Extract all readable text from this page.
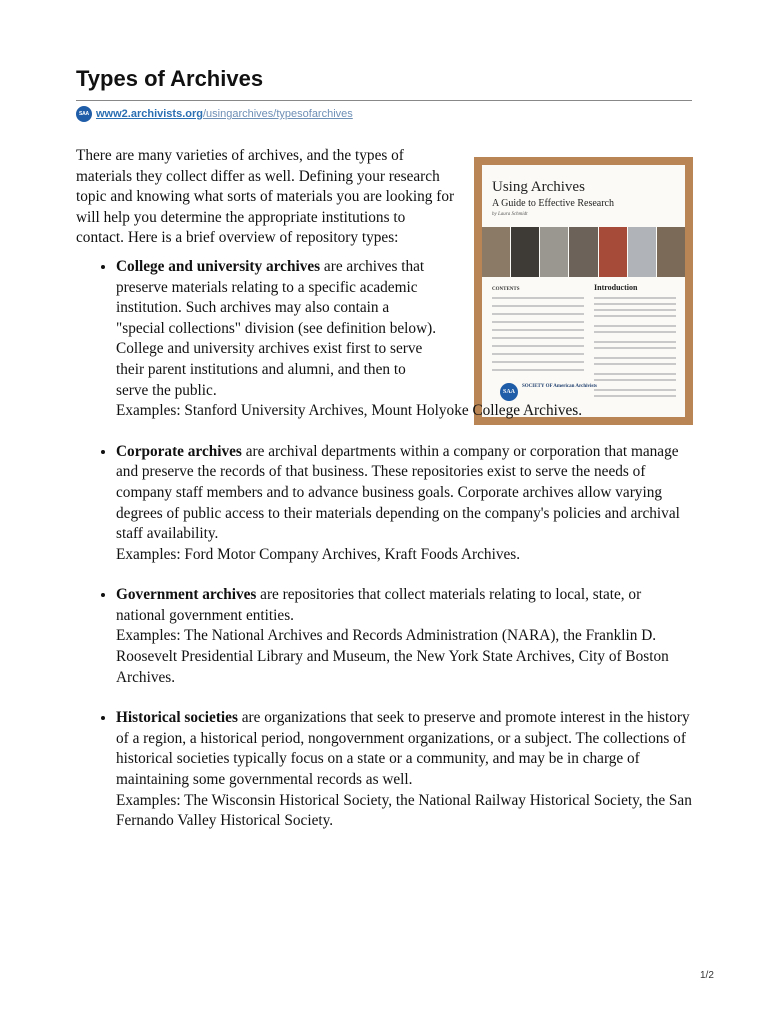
Types of Archives
SAA www2.archivists.org/usingarchives/typesofarchives
Using Archives
A Guide to Effective Research
by Laura Schmidt
CONTENTS	Introduction
SAA
SOCIETY OF American Archivists

There are many varieties of archives, and the types of materials they collect differ as well. Defining your research topic and knowing what sorts of materials you are looking for will help you determine the appropriate institutions to contact. Here is a brief overview of repository types:

• College and university archives are archives that preserve materials relating to a specific academic institution. Such archives may also contain a "special collections" division (see definition below). College and university archives exist first to serve their parent institutions and alumni, and then to serve the public.
Examples: Stanford University Archives, Mount Holyoke College Archives.
• Corporate archives are archival departments within a company or corporation that manage and preserve the records of that business. These repositories exist to serve the needs of company staff members and to advance business goals. Corporate archives allow varying degrees of public access to their materials depending on the company's policies and archival staff availability.
Examples: Ford Motor Company Archives, Kraft Foods Archives.
• Government archives are repositories that collect materials relating to local, state, or national government entities.
Examples: The National Archives and Records Administration (NARA), the Franklin D. Roosevelt Presidential Library and Museum, the New York State Archives, City of Boston Archives.
• Historical societies are organizations that seek to preserve and promote interest in the history of a region, a historical period, nongovernment organizations, or a subject. The collections of historical societies typically focus on a state or a community, and may be in charge of maintaining some governmental records as well.
Examples: The Wisconsin Historical Society, the National Railway Historical Society, the San Fernando Valley Historical Society.
1/2
